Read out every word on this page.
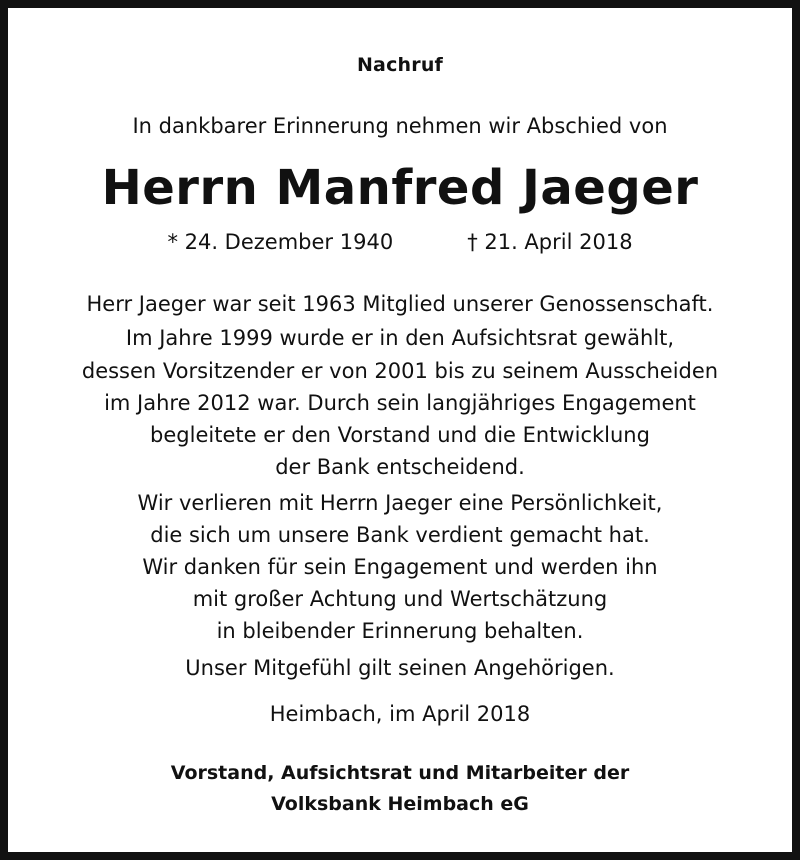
Nachruf

In dankbarer Erinnerung nehmen wir Abschied von

Herrn Manfred Jaeger

* 24. Dezember 1940	† 21. April 2018

Herr Jaeger war seit 1963 Mitglied unserer Genossenschaft.

Im Jahre 1999 wurde er in den Aufsichtsrat gewählt,

dessen Vorsitzender er von 2001 bis zu seinem Ausscheiden

im Jahre 2012 war. Durch sein langjähriges Engagement

begleitete er den Vorstand und die Entwicklung

der Bank entscheidend.

Wir verlieren mit Herrn Jaeger eine Persönlichkeit,

die sich um unsere Bank verdient gemacht hat.

Wir danken für sein Engagement und werden ihn

mit großer Achtung und Wertschätzung

in bleibender Erinnerung behalten.

Unser Mitgefühl gilt seinen Angehörigen.

Heimbach, im April 2018

Vorstand, Aufsichtsrat und Mitarbeiter der

Volksbank Heimbach eG
